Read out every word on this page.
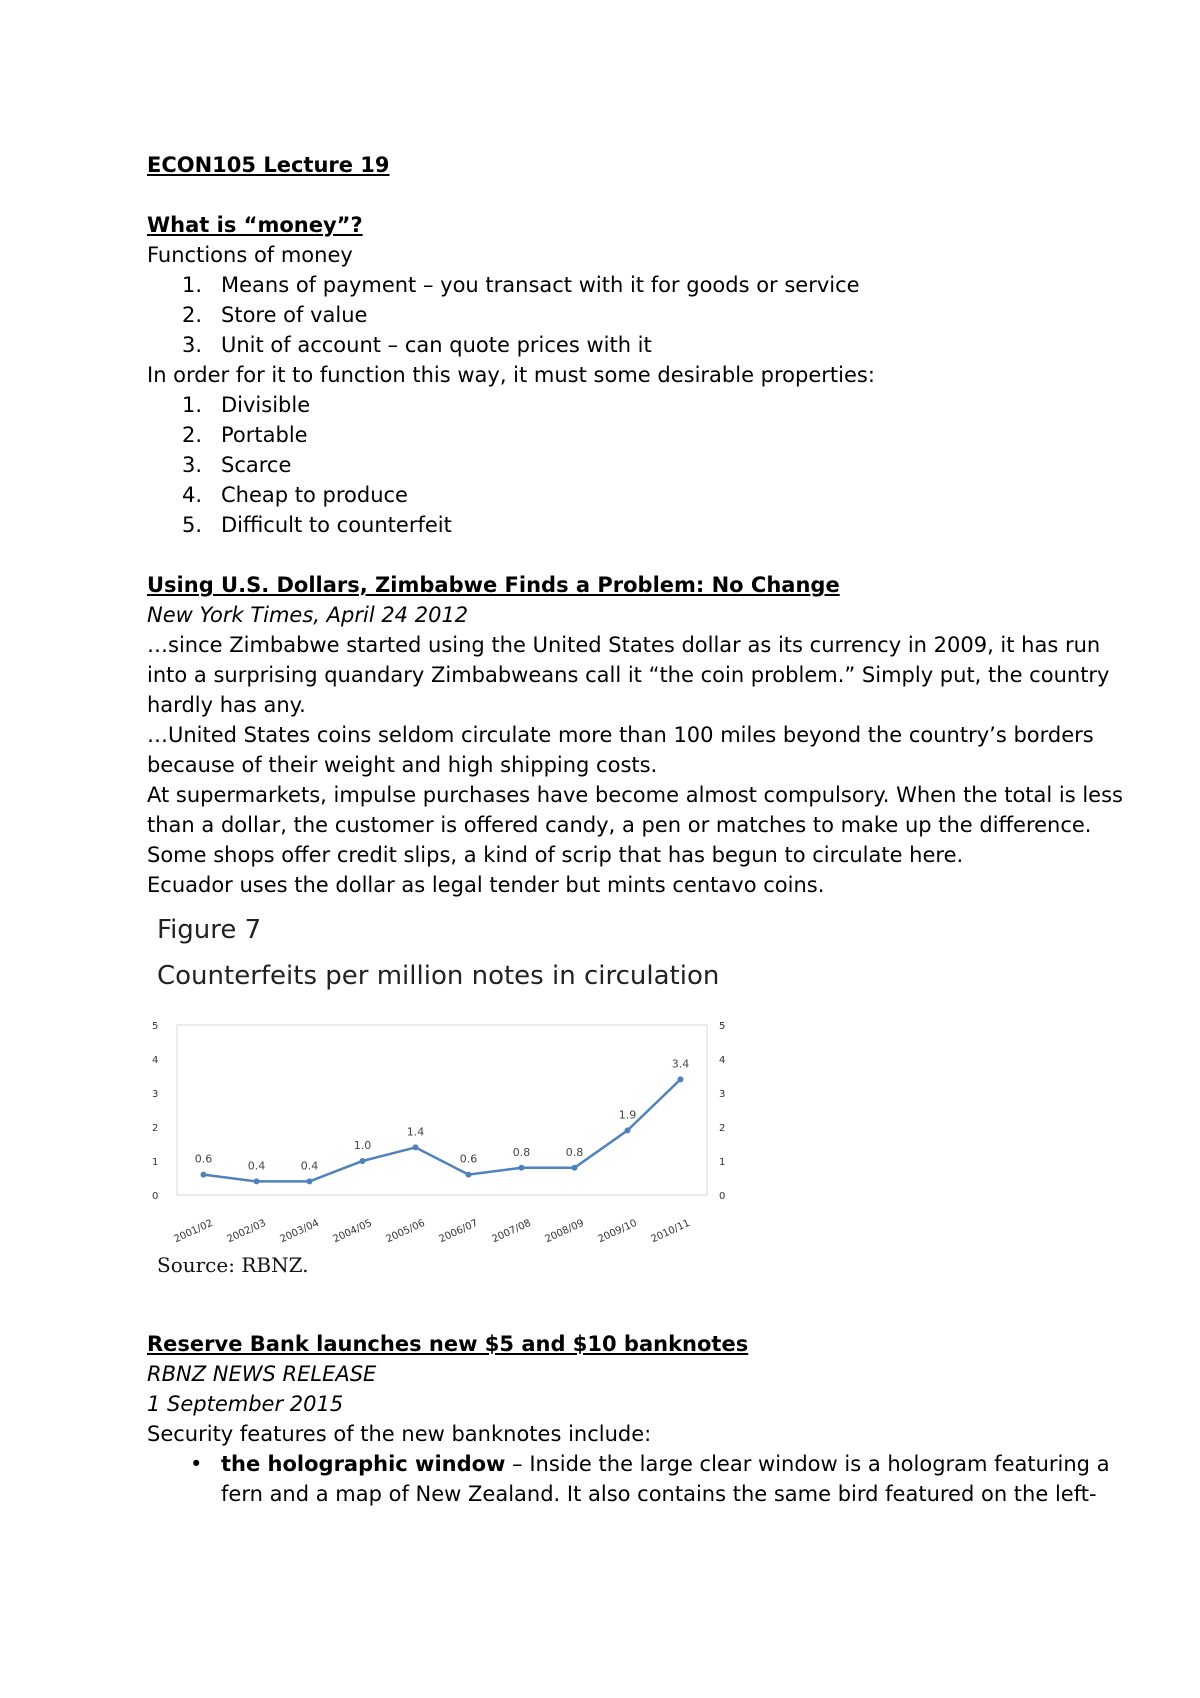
ECON105 Lecture 19
What is “money”?
Functions of money
1. Means of payment – you transact with it for goods or service
2. Store of value
3. Unit of account – can quote prices with it
In order for it to function this way, it must some desirable properties:
1. Divisible
2. Portable
3. Scarce
4. Cheap to produce
5. Difficult to counterfeit
Using U.S. Dollars, Zimbabwe Finds a Problem: No Change
New York Times, April 24 2012
…since Zimbabwe started using the United States dollar as its currency in 2009, it has run
into a surprising quandary Zimbabweans call it “the coin problem.” Simply put, the country
hardly has any.
…United States coins seldom circulate more than 100 miles beyond the country’s borders
because of their weight and high shipping costs.
At supermarkets, impulse purchases have become almost compulsory. When the total is less
than a dollar, the customer is offered candy, a pen or matches to make up the difference.
Some shops offer credit slips, a kind of scrip that has begun to circulate here.
Ecuador uses the dollar as legal tender but mints centavo coins.
Figure 7
Counterfeits per million notes in circulation
0
1
2
3
4
5
0
1
2
3
4
5
2001/02 2002/03 2003/04 2004/05 2005/06 2006/07 2007/08 2008/09 2009/10 2010/11
0.6
0.4	0.4
1.0
1.4
0.6
0.8	0.8
1.9
3.4
Source: RBNZ.
Reserve Bank launches new $5 and $10 banknotes
RBNZ NEWS RELEASE
1 September 2015
Security features of the new banknotes include:
• the holographic window – Inside the large clear window is a hologram featuring a
fern and a map of New Zealand. It also contains the same bird featured on the left-
